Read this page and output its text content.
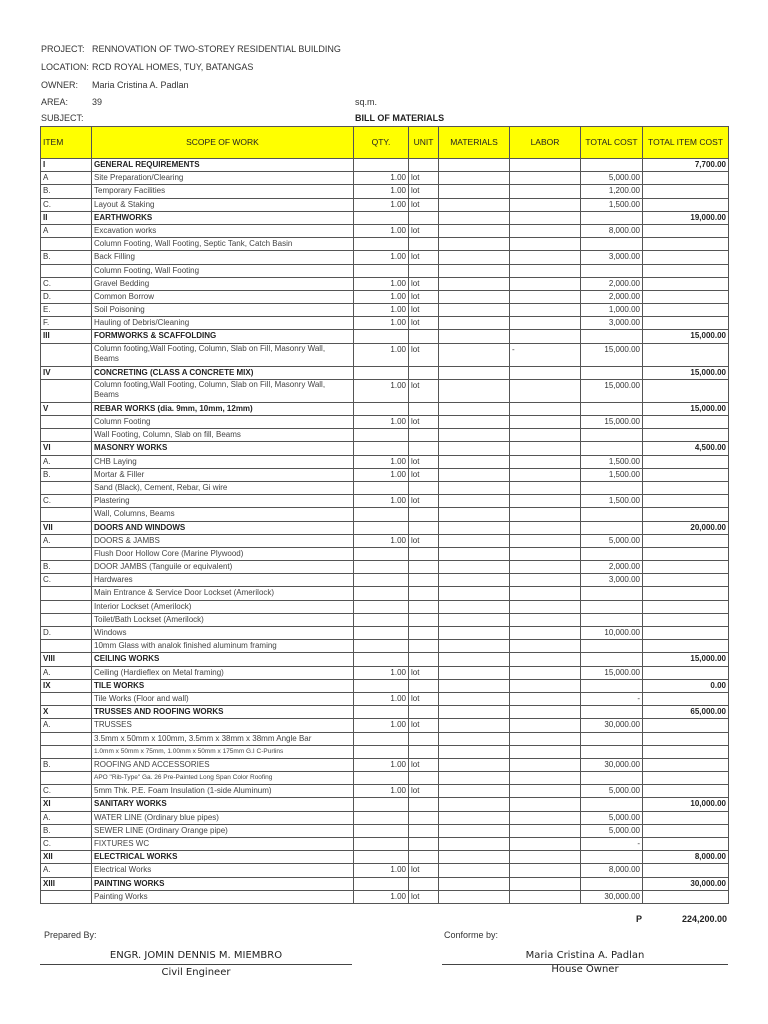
PROJECT: RENNOVATION OF TWO-STOREY RESIDENTIAL BUILDING
LOCATION: RCD ROYAL HOMES, TUY, BATANGAS
OWNER: Maria Cristina A. Padlan
AREA:	39	sq.m.
SUBJECT:	BILL OF MATERIALS
ITEM	SCOPE OF WORK	QTY.	UNIT	MATERIALS	LABOR	TOTAL COST	TOTAL ITEM COST
I	GENERAL REQUIREMENTS						7,700.00
A	Site Preparation/Clearing	1.00	lot			5,000.00	
B.	Temporary Facilities	1.00	lot			1,200.00	
C.	Layout & Staking	1.00	lot			1,500.00	
II	EARTHWORKS						19,000.00
A	Excavation works	1.00	lot			8,000.00	
	Column Footing, Wall Footing, Septic Tank, Catch Basin						
B.	Back Filling	1.00	lot			3,000.00	
	Column Footing, Wall Footing						
C.	Gravel Bedding	1.00	lot			2,000.00	
D.	Common Borrow	1.00	lot			2,000.00	
E.	Soil Poisoning	1.00	lot			1,000.00	
F.	Hauling of Debris/Cleaning	1.00	lot			3,000.00	
III	FORMWORKS & SCAFFOLDING						15,000.00
	Column footing,Wall Footing, Column, Slab on Fill, Masonry Wall, Beams	1.00	lot		-	15,000.00	
IV	CONCRETING (CLASS A CONCRETE MIX)						15,000.00
	Column footing,Wall Footing, Column, Slab on Fill, Masonry Wall, Beams	1.00	lot			15,000.00	
V	REBAR WORKS (dia. 9mm, 10mm, 12mm)						15,000.00
	Column Footing	1.00	lot			15,000.00	
	Wall Footing, Column, Slab on fill, Beams						
VI	MASONRY WORKS						4,500.00
A.	CHB Laying	1.00	lot			1,500.00	
B.	Mortar & Filler	1.00	lot			1,500.00	
	Sand (Black), Cement, Rebar, Gi wire						
C.	Plastering	1.00	lot			1,500.00	
	Wall, Columns, Beams						
VII	DOORS AND WINDOWS						20,000.00
A.	DOORS & JAMBS	1.00	lot			5,000.00	
	Flush Door Hollow Core (Marine Plywood)						
B.	DOOR JAMBS (Tanguile or equivalent)					2,000.00	
C.	Hardwares					3,000.00	
	Main Entrance & Service Door Lockset (Amerilock)						
	Interior Lockset (Amerilock)						
	Toilet/Bath Lockset (Amerilock)						
D.	Windows					10,000.00	
	10mm Glass with analok finished aluminum framing						
VIII	CEILING WORKS						15,000.00
A.	Ceiling (Hardieflex on Metal framing)	1.00	lot			15,000.00	
IX	TILE WORKS						0.00
	Tile Works (Floor and wall)	1.00	lot			-	
X	TRUSSES AND ROOFING WORKS						65,000.00
A.	TRUSSES	1.00	lot			30,000.00	
	3.5mm x 50mm x 100mm, 3.5mm x 38mm x 38mm Angle Bar						
	1.0mm x 50mm x 75mm, 1.00mm x 50mm x 175mm G.I C-Purlins						
B.	ROOFING AND ACCESSORIES	1.00	lot			30,000.00	
	APO "Rib-Type" Ga. 26 Pre-Painted Long Span Color Roofing						
C.	5mm Thk. P.E. Foam Insulation (1-side Aluminum)	1.00	lot			5,000.00	
XI	SANITARY WORKS						10,000.00
A.	WATER LINE (Ordinary blue pipes)					5,000.00	
B.	SEWER LINE (Ordinary Orange pipe)					5,000.00	
C.	FIXTURES WC					-	
XII	ELECTRICAL WORKS						8,000.00
A.	Electrical Works	1.00	lot			8,000.00	
XIII	PAINTING WORKS						30,000.00
	Painting Works	1.00	lot			30,000.00	
P	224,200.00
Prepared By:	Conforme by:
ENGR. JOMIN DENNIS M. MIEMBRO
Civil Engineer
Maria Cristina A. Padlan
House Owner
